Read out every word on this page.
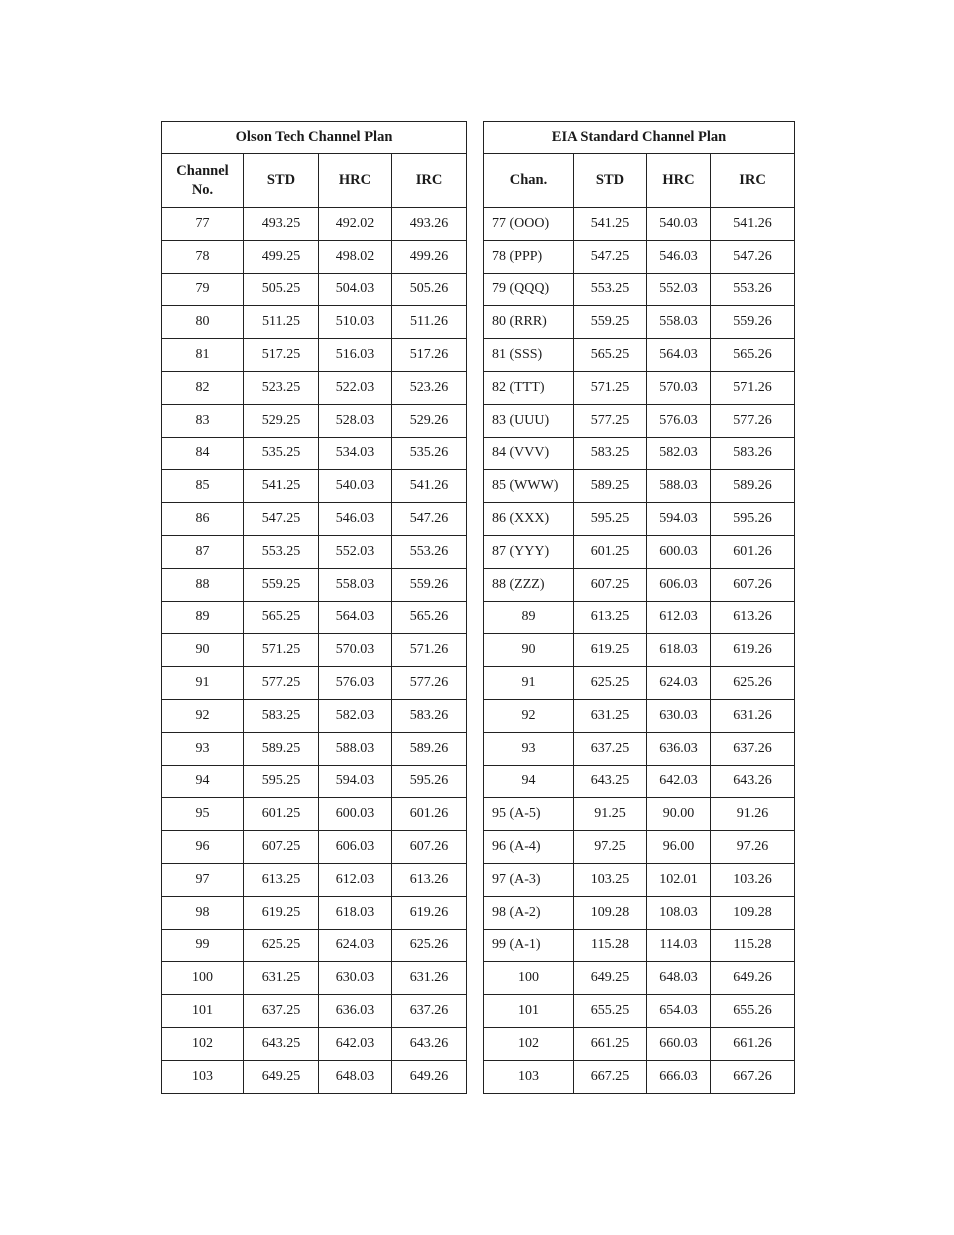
Olson Tech Channel Plan			
Channel
No.	STD	HRC	IRC
77	493.25	492.02	493.26
78	499.25	498.02	499.26
79	505.25	504.03	505.26
80	511.25	510.03	511.26
81	517.25	516.03	517.26
82	523.25	522.03	523.26
83	529.25	528.03	529.26
84	535.25	534.03	535.26
85	541.25	540.03	541.26
86	547.25	546.03	547.26
87	553.25	552.03	553.26
88	559.25	558.03	559.26
89	565.25	564.03	565.26
90	571.25	570.03	571.26
91	577.25	576.03	577.26
92	583.25	582.03	583.26
93	589.25	588.03	589.26
94	595.25	594.03	595.26
95	601.25	600.03	601.26
96	607.25	606.03	607.26
97	613.25	612.03	613.26
98	619.25	618.03	619.26
99	625.25	624.03	625.26
100	631.25	630.03	631.26
101	637.25	636.03	637.26
102	643.25	642.03	643.26
103	649.25	648.03	649.26
EIA Standard Channel Plan			
Chan.	STD	HRC	IRC
77 (OOO)	541.25	540.03	541.26
78 (PPP)	547.25	546.03	547.26
79 (QQQ)	553.25	552.03	553.26
80 (RRR)	559.25	558.03	559.26
81 (SSS)	565.25	564.03	565.26
82 (TTT)	571.25	570.03	571.26
83 (UUU)	577.25	576.03	577.26
84 (VVV)	583.25	582.03	583.26
85 (WWW)	589.25	588.03	589.26
86 (XXX)	595.25	594.03	595.26
87 (YYY)	601.25	600.03	601.26
88 (ZZZ)	607.25	606.03	607.26
89	613.25	612.03	613.26
90	619.25	618.03	619.26
91	625.25	624.03	625.26
92	631.25	630.03	631.26
93	637.25	636.03	637.26
94	643.25	642.03	643.26
95 (A-5)	91.25	90.00	91.26
96 (A-4)	97.25	96.00	97.26
97 (A-3)	103.25	102.01	103.26
98 (A-2)	109.28	108.03	109.28
99 (A-1)	115.28	114.03	115.28
100	649.25	648.03	649.26
101	655.25	654.03	655.26
102	661.25	660.03	661.26
103	667.25	666.03	667.26
